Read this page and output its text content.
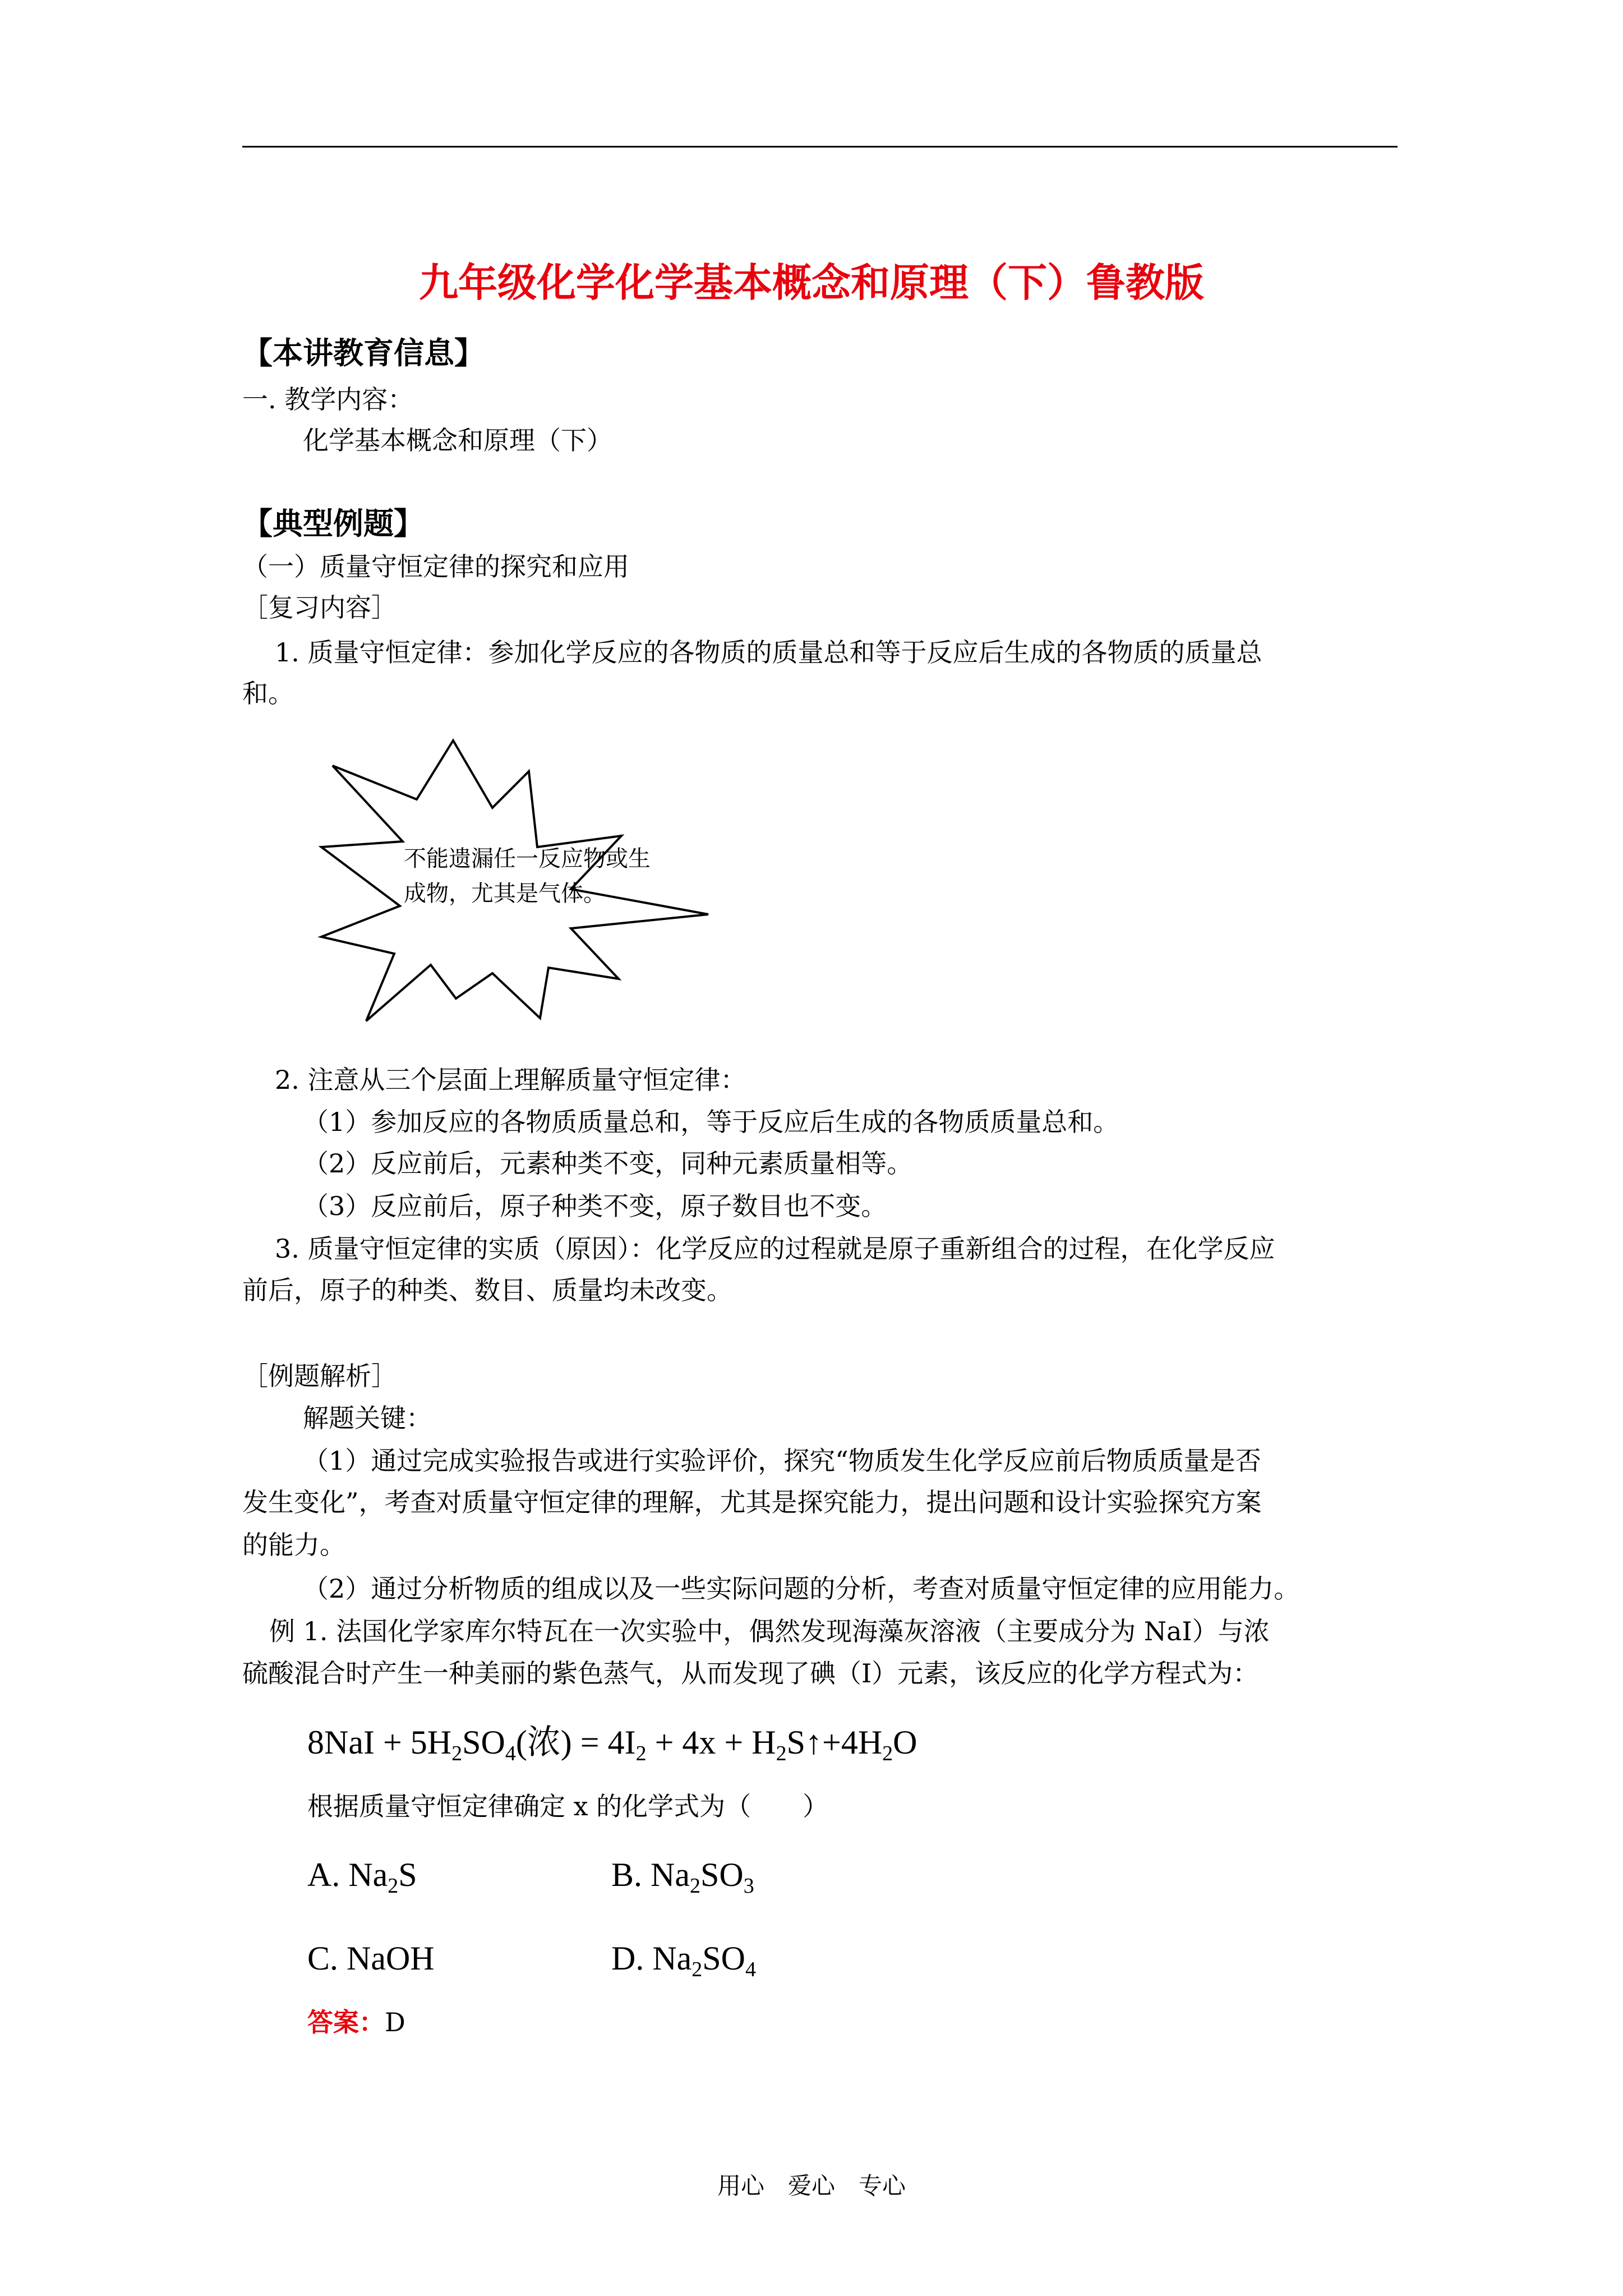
九年级化学化学基本概念和原理（下）鲁教版
【本讲教育信息】
一. 教学内容：
化学基本概念和原理（下）
【典型例题】
（一）质量守恒定律的探究和应用
［复习内容］
1. 质量守恒定律：参加化学反应的各物质的质量总和等于反应后生成的各物质的质量总
和。
不能遗漏任一反应物或生
成物，尤其是气体。
2. 注意从三个层面上理解质量守恒定律：
（1）参加反应的各物质质量总和，等于反应后生成的各物质质量总和。
（2）反应前后，元素种类不变，同种元素质量相等。
（3）反应前后，原子种类不变，原子数目也不变。
3. 质量守恒定律的实质（原因）：化学反应的过程就是原子重新组合的过程，在化学反应
前后，原子的种类、数目、质量均未改变。
［例题解析］
解题关键：
（1）通过完成实验报告或进行实验评价，探究“物质发生化学反应前后物质质量是否
发生变化”，考查对质量守恒定律的理解，尤其是探究能力，提出问题和设计实验探究方案
的能力。
（2）通过分析物质的组成以及一些实际问题的分析，考查对质量守恒定律的应用能力。
例 1. 法国化学家库尔特瓦在一次实验中，偶然发现海藻灰溶液（主要成分为 NaI）与浓
硫酸混合时产生一种美丽的紫色蒸气，从而发现了碘（I）元素，该反应的化学方程式为：
$8NaI + 5H_2SO_4$(浓) = $4I_2 + 4x$ + $H_2S↑+4H_2O$
根据质量守恒定律确定 x 的化学式为（　　）
A. $Na_2S$	B. $Na_2SO_3$
C. NaOH	D. $Na_2SO_4$
答案：D
用心　爱心　专心
